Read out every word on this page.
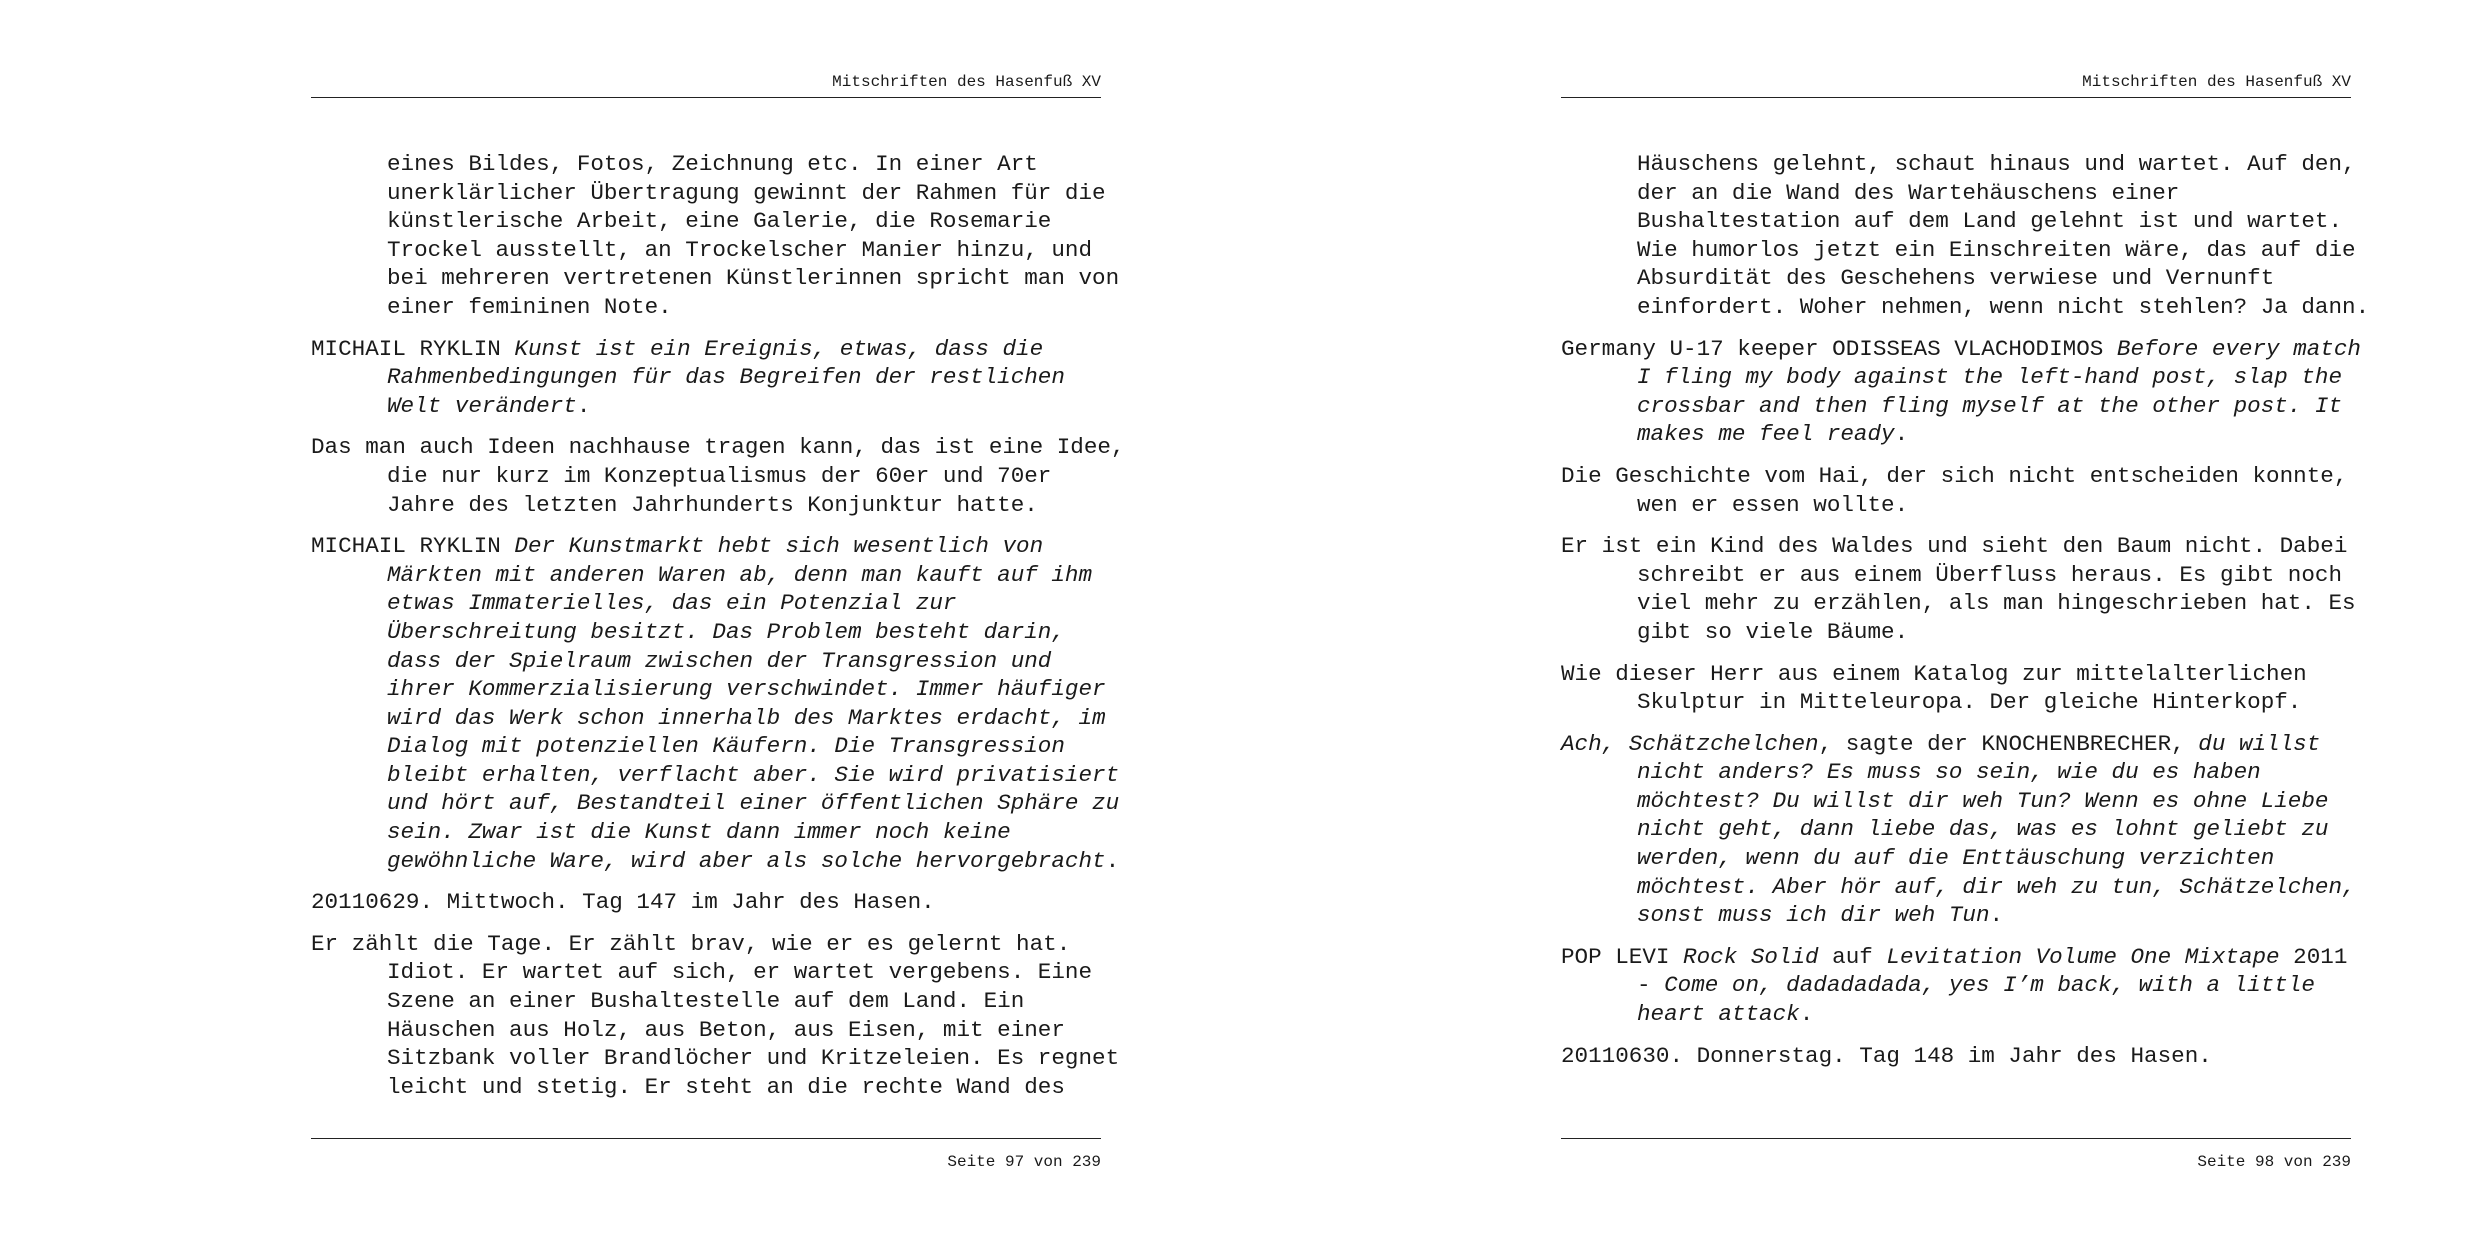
Mitschriften des Hasenfuß XV
eines Bildes, Fotos, Zeichnung etc. In einer Art
unerklärlicher Übertragung gewinnt der Rahmen für die
künstlerische Arbeit, eine Galerie, die Rosemarie
Trockel ausstellt, an Trockelscher Manier hinzu, und
bei mehreren vertretenen Künstlerinnen spricht man von
einer femininen Note.
MICHAIL RYKLIN Kunst ist ein Ereignis, etwas, dass die
Rahmenbedingungen für das Begreifen der restlichen
Welt verändert.
Das man auch Ideen nachhause tragen kann, das ist eine Idee,
die nur kurz im Konzeptualismus der 60er und 70er
Jahre des letzten Jahrhunderts Konjunktur hatte.
MICHAIL RYKLIN Der Kunstmarkt hebt sich wesentlich von
Märkten mit anderen Waren ab, denn man kauft auf ihm
etwas Immaterielles, das ein Potenzial zur
Überschreitung besitzt. Das Problem besteht darin,
dass der Spielraum zwischen der Transgression und
ihrer Kommerzialisierung verschwindet. Immer häufiger
wird das Werk schon innerhalb des Marktes erdacht, im
Dialog mit potenziellen Käufern. Die Transgression
bleibt erhalten, verflacht aber. Sie wird privatisiert
und hört auf, Bestandteil einer öffentlichen Sphäre zu
sein. Zwar ist die Kunst dann immer noch keine
gewöhnliche Ware, wird aber als solche hervorgebracht.
20110629. Mittwoch. Tag 147 im Jahr des Hasen.
Er zählt die Tage. Er zählt brav, wie er es gelernt hat.
Idiot. Er wartet auf sich, er wartet vergebens. Eine
Szene an einer Bushaltestelle auf dem Land. Ein
Häuschen aus Holz, aus Beton, aus Eisen, mit einer
Sitzbank voller Brandlöcher und Kritzeleien. Es regnet
leicht und stetig. Er steht an die rechte Wand des
Seite 97 von 239
Mitschriften des Hasenfuß XV
Häuschens gelehnt, schaut hinaus und wartet. Auf den,
der an die Wand des Wartehäuschens einer
Bushaltestation auf dem Land gelehnt ist und wartet.
Wie humorlos jetzt ein Einschreiten wäre, das auf die
Absurdität des Geschehens verwiese und Vernunft
einfordert. Woher nehmen, wenn nicht stehlen? Ja dann.
Germany U-17 keeper ODISSEAS VLACHODIMOS Before every match
I fling my body against the left-hand post, slap the
crossbar and then fling myself at the other post. It
makes me feel ready.
Die Geschichte vom Hai, der sich nicht entscheiden konnte,
wen er essen wollte.
Er ist ein Kind des Waldes und sieht den Baum nicht. Dabei
schreibt er aus einem Überfluss heraus. Es gibt noch
viel mehr zu erzählen, als man hingeschrieben hat. Es
gibt so viele Bäume.
Wie dieser Herr aus einem Katalog zur mittelalterlichen
Skulptur in Mitteleuropa. Der gleiche Hinterkopf.
Ach, Schätzchelchen, sagte der KNOCHENBRECHER, du willst
nicht anders? Es muss so sein, wie du es haben
möchtest? Du willst dir weh Tun? Wenn es ohne Liebe
nicht geht, dann liebe das, was es lohnt geliebt zu
werden, wenn du auf die Enttäuschung verzichten
möchtest. Aber hör auf, dir weh zu tun, Schätzelchen,
sonst muss ich dir weh Tun.
POP LEVI Rock Solid auf Levitation Volume One Mixtape 2011
- Come on, dadadadada, yes I’m back, with a little
heart attack.
20110630. Donnerstag. Tag 148 im Jahr des Hasen.
Seite 98 von 239
